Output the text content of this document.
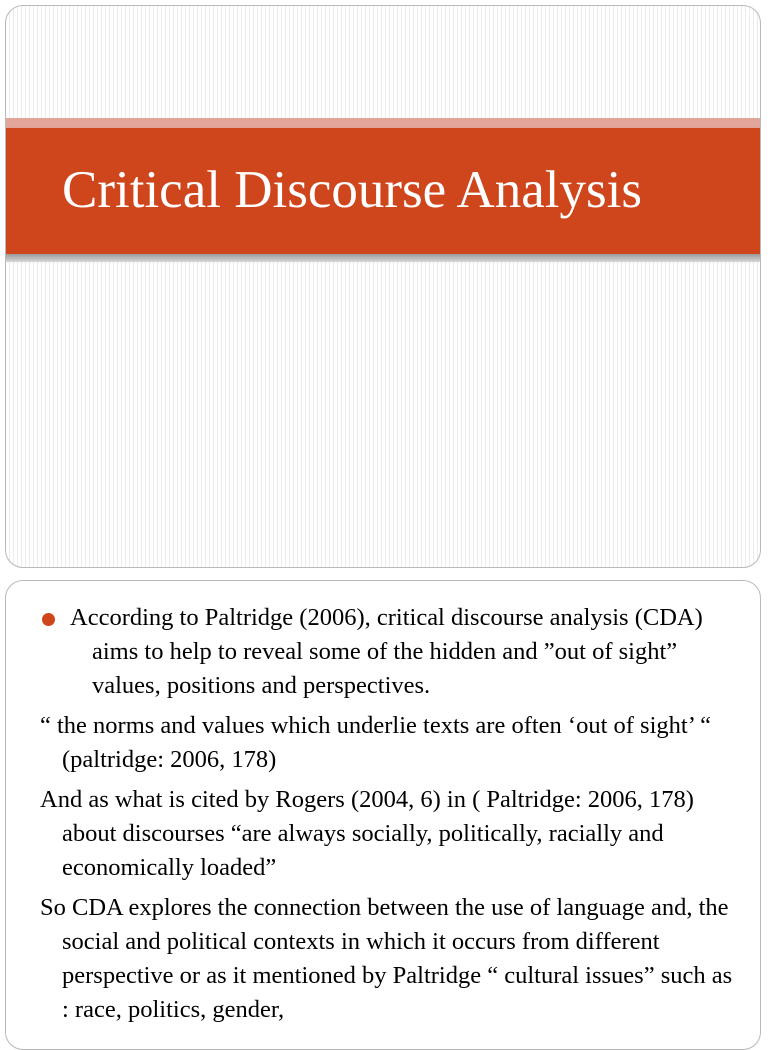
Critical Discourse Analysis

According to Paltridge (2006), critical discourse analysis (CDA) aims to help to reveal some of the hidden and ”out of sight” values, positions and perspectives.

“ the norms and values which underlie texts are often ‘out of sight’ “ (paltridge: 2006, 178)

And as what is cited by Rogers (2004, 6) in ( Paltridge: 2006, 178) about discourses “are always socially, politically, racially and economically loaded”

So CDA explores the connection between the use of language and, the social and political contexts in which it occurs from different perspective or as it mentioned by Paltridge “ cultural issues” such as : race, politics, gender,
